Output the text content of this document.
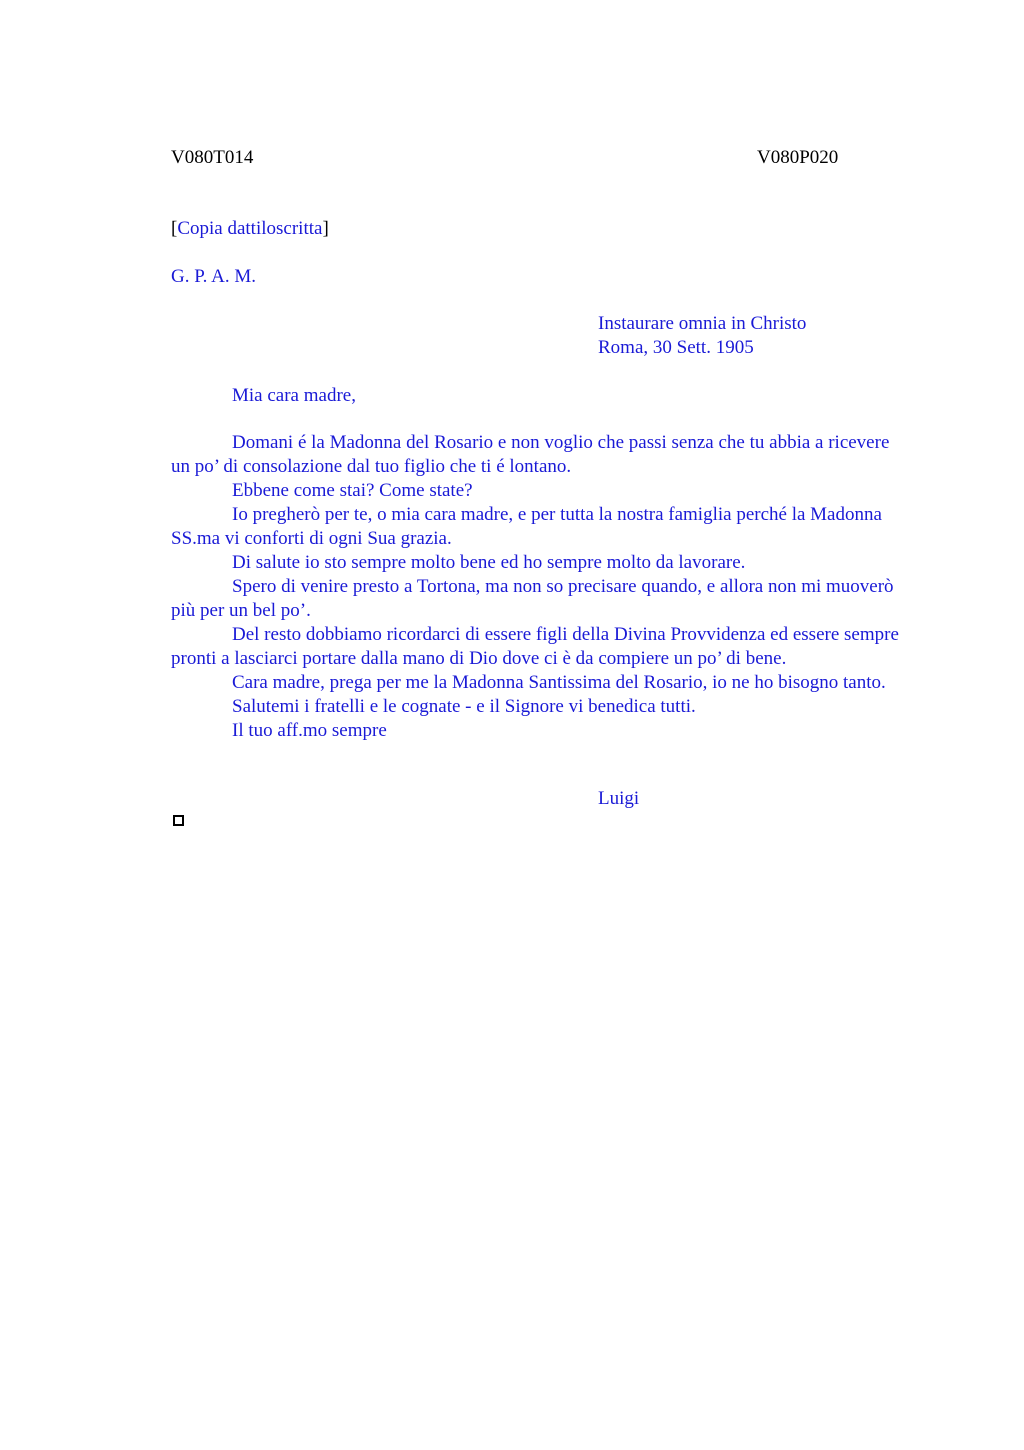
V080T014	V080P020
[Copia dattiloscritta]
G. P. A. M.
Instaurare omnia in Christo
Roma, 30 Sett. 1905
Mia cara madre,

Domani é la Madonna del Rosario e non voglio che passi senza che tu abbia a ricevere un po’ di consolazione dal tuo figlio che ti é lontano.

Ebbene come stai? Come state?

Io pregherò per te, o mia cara madre, e per tutta la nostra famiglia perché la Madonna SS.ma vi conforti di ogni Sua grazia.

Di salute io sto sempre molto bene ed ho sempre molto da lavorare.

Spero di venire presto a Tortona, ma non so precisare quando, e allora non mi muoverò più per un bel po’.

Del resto dobbiamo ricordarci di essere figli della Divina Provvidenza ed essere sempre pronti a lasciarci portare dalla mano di Dio dove ci è da compiere un po’ di bene.

Cara madre, prega per me la Madonna Santissima del Rosario, io ne ho bisogno tanto.

Salutemi i fratelli e le cognate - e il Signore vi benedica tutti.

Il tuo aff.mo sempre

Luigi
